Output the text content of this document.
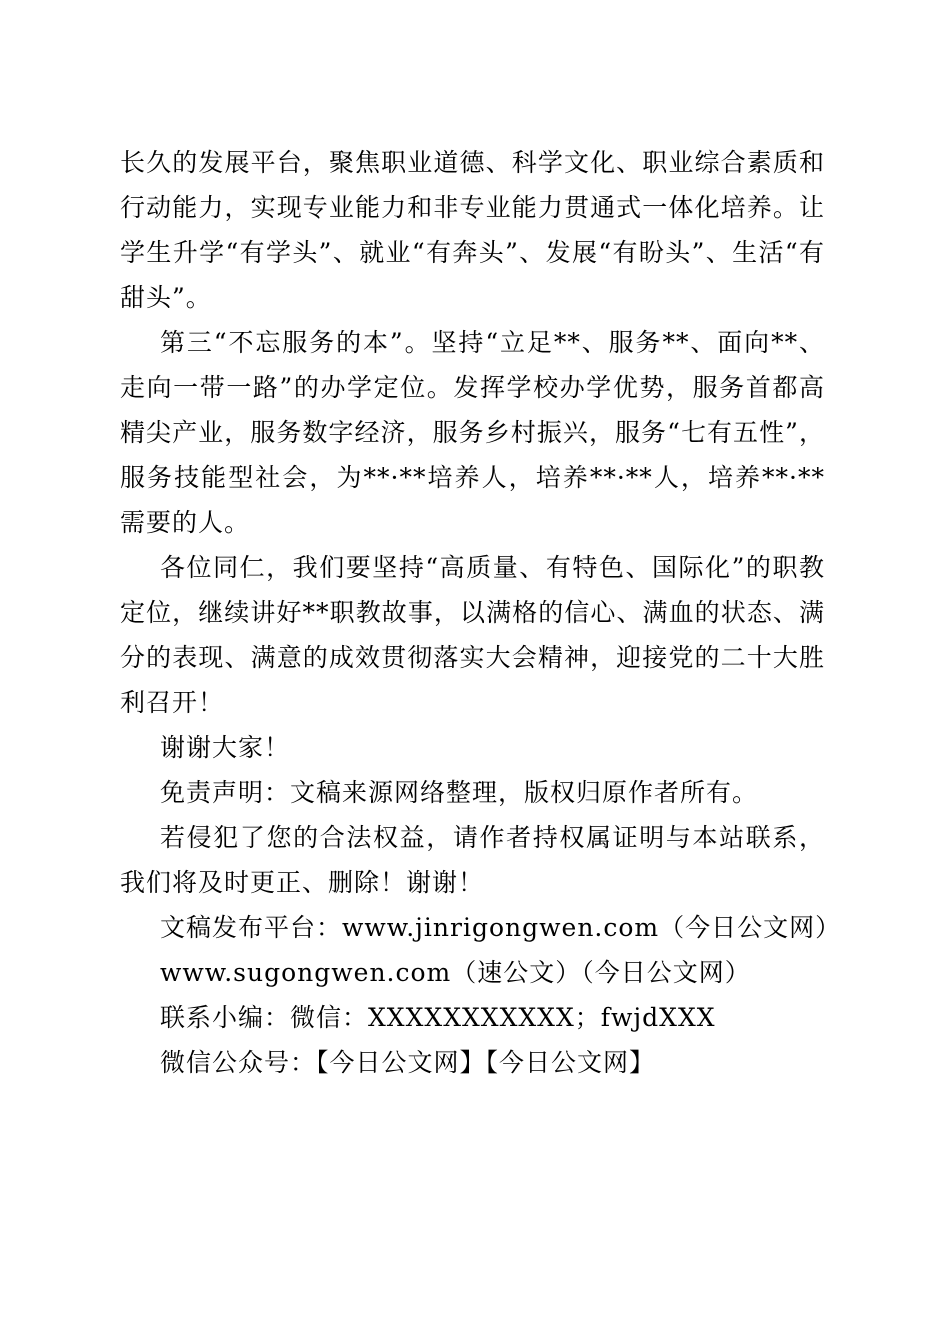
长久的发展平台，聚焦职业道德、科学文化、职业综合素质和行动能力，实现专业能力和非专业能力贯通式一体化培养。让学生升学“有学头”、就业“有奔头”、发展“有盼头”、生活“有甜头”。

第三“不忘服务的本”。坚持“立足**、服务**、面向**、走向一带一路”的办学定位。发挥学校办学优势，服务首都高精尖产业，服务数字经济，服务乡村振兴，服务“七有五性”，服务技能型社会，为**·**培养人，培养**·**人，培养**·**需要的人。

各位同仁，我们要坚持“高质量、有特色、国际化”的职教定位，继续讲好**职教故事，以满格的信心、满血的状态、满分的表现、满意的成效贯彻落实大会精神，迎接党的二十大胜利召开！

谢谢大家！

免责声明：文稿来源网络整理，版权归原作者所有。

若侵犯了您的合法权益，请作者持权属证明与本站联系，我们将及时更正、删除！谢谢！

文稿发布平台：www.jinrigongwen.com（今日公文网）

www.sugongwen.com（速公文）（今日公文网）

联系小编：微信：XXXXXXXXXXX；fwjdXXX

微信公众号：【今日公文网】【今日公文网】
